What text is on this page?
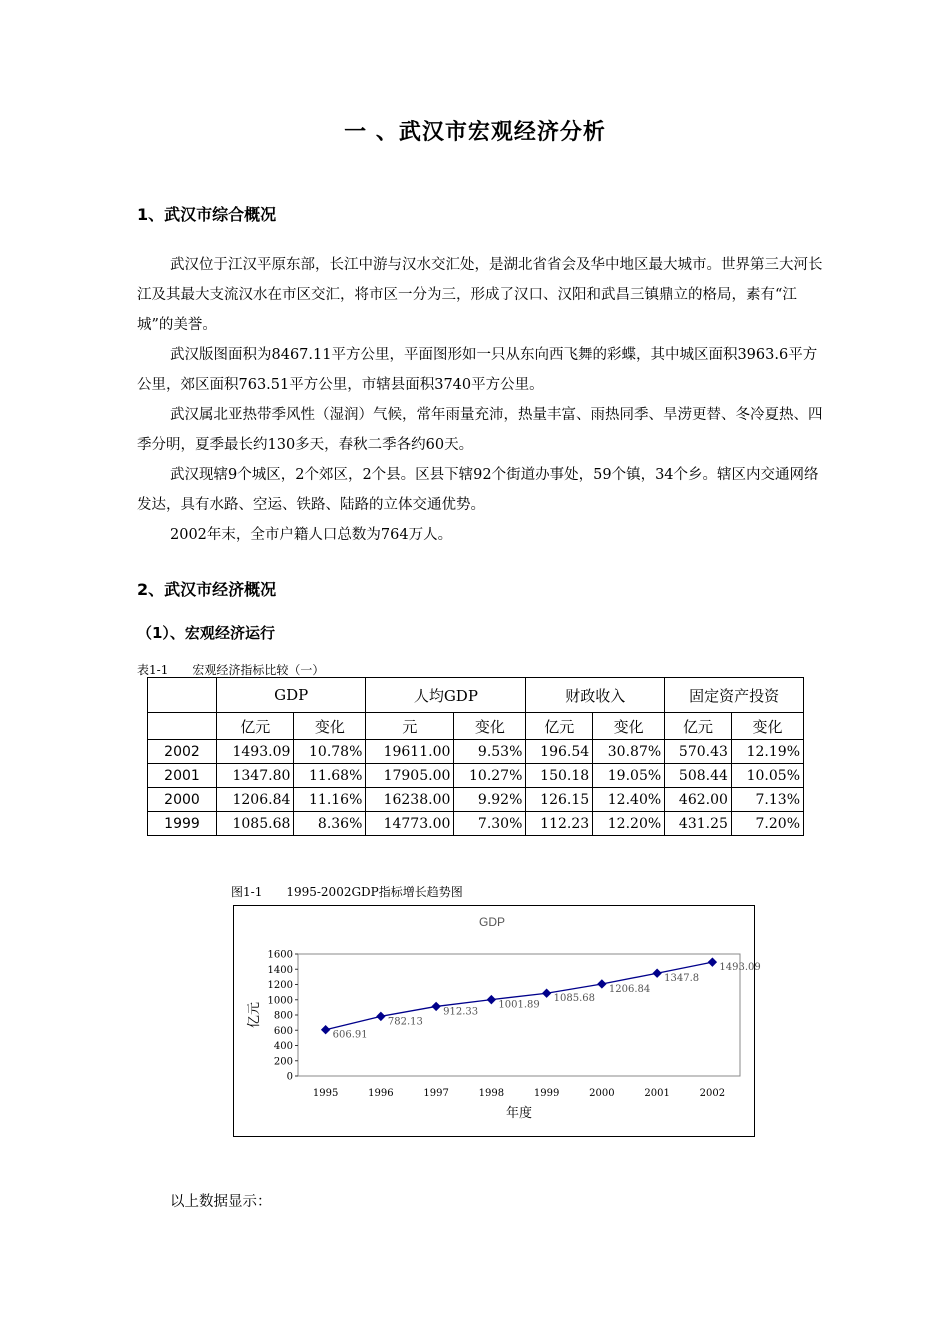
一 、武汉市宏观经济分析
1、武汉市综合概况

武汉位于江汉平原东部，长江中游与汉水交汇处，是湖北省省会及华中地区最大城市。世界第三大河长江及其最大支流汉水在市区交汇，将市区一分为三，形成了汉口、汉阳和武昌三镇鼎立的格局，素有“江城”的美誉。

武汉版图面积为8467.11平方公里，平面图形如一只从东向西飞舞的彩蝶，其中城区面积3963.6平方公里，郊区面积763.51平方公里，市辖县面积3740平方公里。

武汉属北亚热带季风性（湿润）气候，常年雨量充沛，热量丰富、雨热同季、旱涝更替、冬冷夏热、四季分明，夏季最长约130多天，春秋二季各约60天。

武汉现辖9个城区，2个郊区，2个县。区县下辖92个街道办事处，59个镇，34个乡。辖区内交通网络发达，具有水路、空运、铁路、陆路的立体交通优势。

2002年末，全市户籍人口总数为764万人。

2、武汉市经济概况
（1）、宏观经济运行
表1-1　　宏观经济指标比较（一）
	GDP		人均GDP		财政收入		固定资产投资	
	亿元	变化	元	变化	亿元	变化	亿元	变化
2002	1493.09	10.78%	19611.00	9.53%	196.54	30.87%	570.43	12.19%
2001	1347.80	11.68%	17905.00	10.27%	150.18	19.05%	508.44	10.05%
2000	1206.84	11.16%	16238.00	9.92%	126.15	12.40%	462.00	7.13%
1999	1085.68	8.36%	14773.00	7.30%	112.23	12.20%	431.25	7.20%
图1-1　　1995-2002GDP指标增长趋势图
GDP
0
200
400
600
800
1000
1200
1400
1600
亿元
1995	1996	1997	1998	1999	2000	2001	2002
年度
606.91
782.13
912.33
1001.89
1085.68
1206.84
1347.8
1493.09
以上数据显示：
